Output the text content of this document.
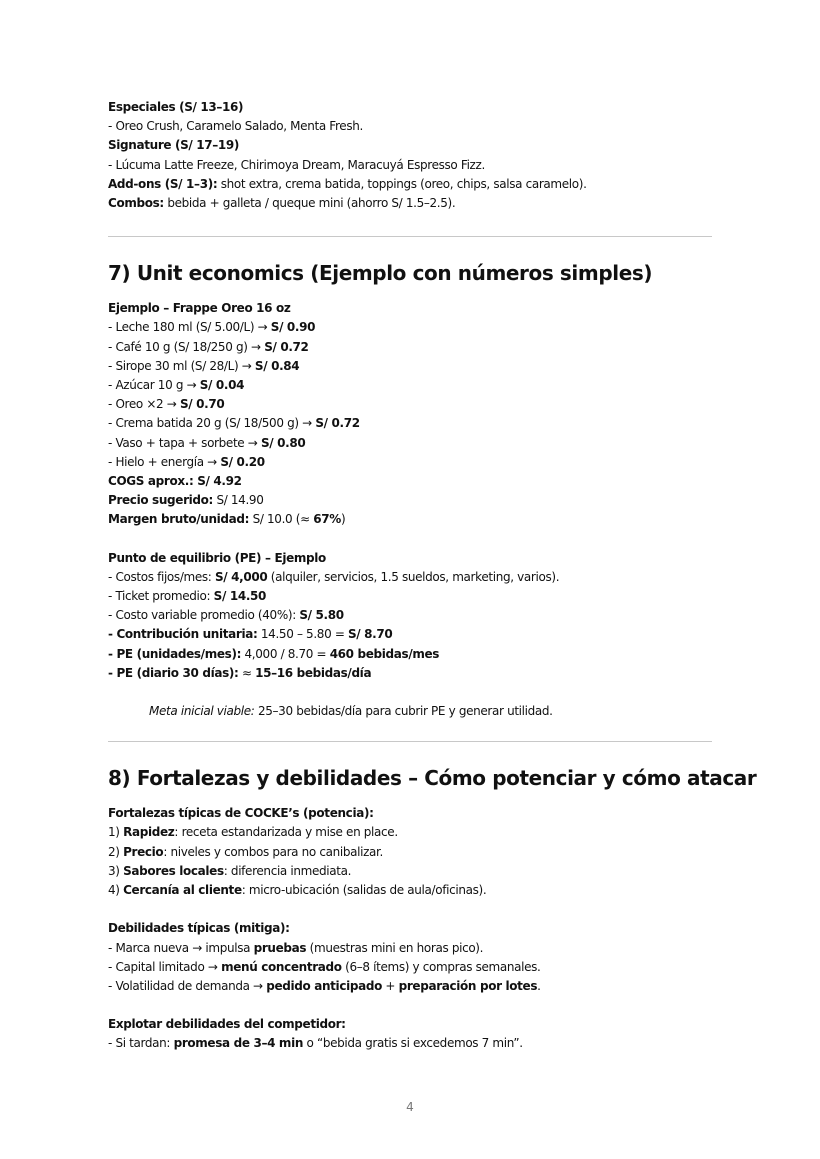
Especiales (S/ 13–16)
- Oreo Crush, Caramelo Salado, Menta Fresh.
Signature (S/ 17–19)
- Lúcuma Latte Freeze, Chirimoya Dream, Maracuyá Espresso Fizz.
Add-ons (S/ 1–3): shot extra, crema batida, toppings (oreo, chips, salsa caramelo).
Combos: bebida + galleta / queque mini (ahorro S/ 1.5–2.5).
7) Unit economics (Ejemplo con números simples)
Ejemplo – Frappe Oreo 16 oz
- Leche 180 ml (S/ 5.00/L) → S/ 0.90
- Café 10 g (S/ 18/250 g) → S/ 0.72
- Sirope 30 ml (S/ 28/L) → S/ 0.84
- Azúcar 10 g → S/ 0.04
- Oreo ×2 → S/ 0.70
- Crema batida 20 g (S/ 18/500 g) → S/ 0.72
- Vaso + tapa + sorbete → S/ 0.80
- Hielo + energía → S/ 0.20
COGS aprox.: S/ 4.92
Precio sugerido: S/ 14.90
Margen bruto/unidad: S/ 10.0 (≈ 67%)
Punto de equilibrio (PE) – Ejemplo
- Costos fijos/mes: S/ 4,000 (alquiler, servicios, 1.5 sueldos, marketing, varios).
- Ticket promedio: S/ 14.50
- Costo variable promedio (40%): S/ 5.80
- Contribución unitaria: 14.50 – 5.80 = S/ 8.70
- PE (unidades/mes): 4,000 / 8.70 = 460 bebidas/mes
- PE (diario 30 días): ≈ 15–16 bebidas/día
Meta inicial viable: 25–30 bebidas/día para cubrir PE y generar utilidad.
8) Fortalezas y debilidades – Cómo potenciar y cómo atacar
Fortalezas típicas de COCKE’s (potencia):
1) Rapidez: receta estandarizada y mise en place.
2) Precio: niveles y combos para no canibalizar.
3) Sabores locales: diferencia inmediata.
4) Cercanía al cliente: micro-ubicación (salidas de aula/oficinas).
Debilidades típicas (mitiga):
- Marca nueva → impulsa pruebas (muestras mini en horas pico).
- Capital limitado → menú concentrado (6–8 ítems) y compras semanales.
- Volatilidad de demanda → pedido anticipado + preparación por lotes.
Explotar debilidades del competidor:
- Si tardan: promesa de 3–4 min o “bebida gratis si excedemos 7 min”.
4
